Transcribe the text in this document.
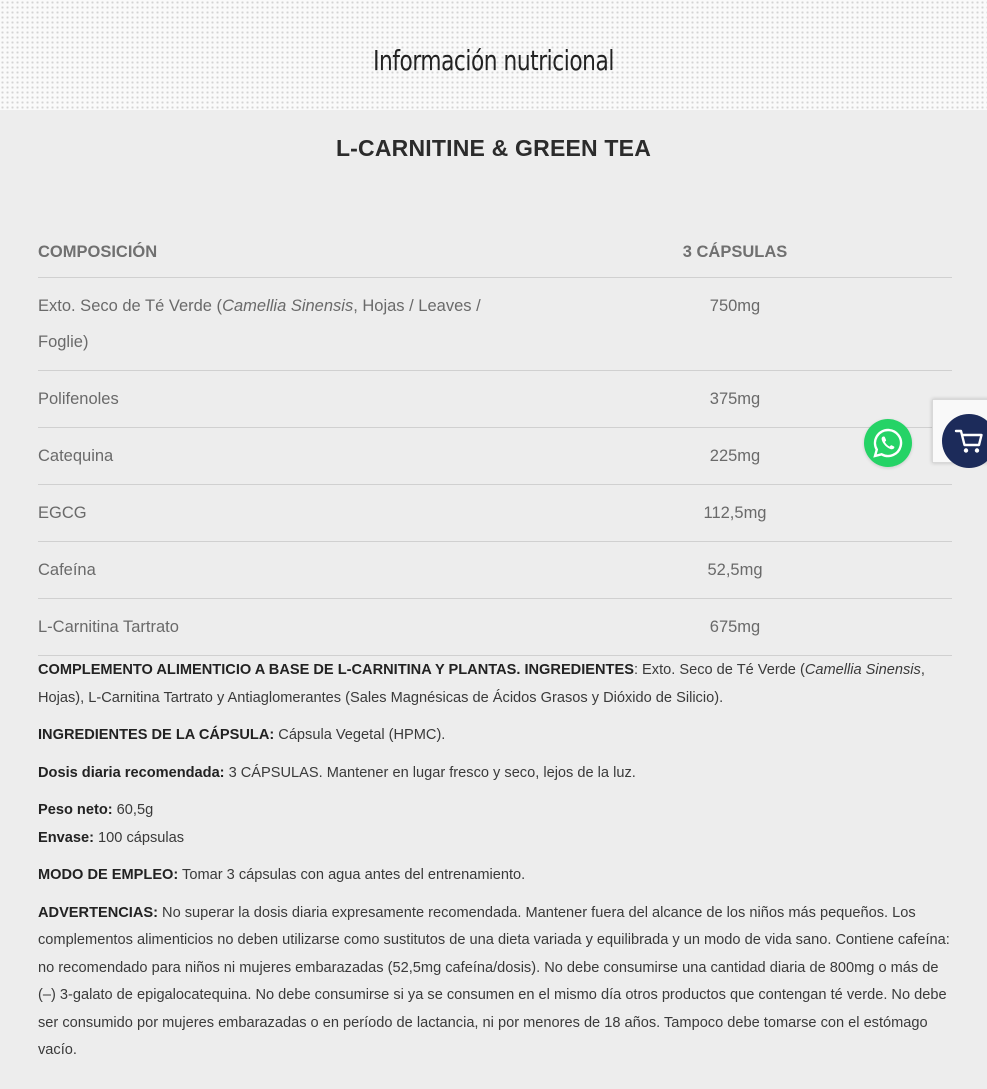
Información nutricional
L-CARNITINE & GREEN TEA
COMPOSICIÓN	3 CÁPSULAS	
Exto. Seco de Té Verde (Camellia Sinensis, Hojas / Leaves / Foglie)	750mg	
Polifenoles	375mg	
Catequina	225mg	
EGCG	112,5mg	
Cafeína	52,5mg	
L-Carnitina Tartrato	675mg	

COMPLEMENTO ALIMENTICIO A BASE DE L-CARNITINA Y PLANTAS. INGREDIENTES: Exto. Seco de Té Verde (Camellia Sinensis, Hojas), L-Carnitina Tartrato y Antiaglomerantes (Sales Magnésicas de Ácidos Grasos y Dióxido de Silicio).

INGREDIENTES DE LA CÁPSULA: Cápsula Vegetal (HPMC).

Dosis diaria recomendada: 3 CÁPSULAS. Mantener en lugar fresco y seco, lejos de la luz.

Peso neto: 60,5g

Envase: 100 cápsulas

MODO DE EMPLEO: Tomar 3 cápsulas con agua antes del entrenamiento.

ADVERTENCIAS: No superar la dosis diaria expresamente recomendada. Mantener fuera del alcance de los niños más pequeños. Los complementos alimenticios no deben utilizarse como sustitutos de una dieta variada y equilibrada y un modo de vida sano. Contiene cafeína: no recomendado para niños ni mujeres embarazadas (52,5mg cafeína/dosis). No debe consumirse una cantidad diaria de 800mg o más de (–) 3-galato de epigalocatequina. No debe consumirse si ya se consumen en el mismo día otros productos que contengan té verde. No debe ser consumido por mujeres embarazadas o en período de lactancia, ni por menores de 18 años. Tampoco debe tomarse con el estómago vacío.
